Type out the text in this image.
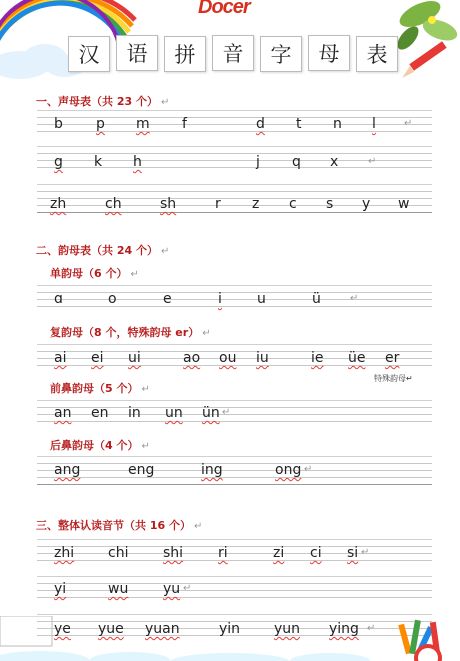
Docer
汉	语	拼	音	字	母	表
一、声母表（共 23 个） ↵
b p m f	d t n l	↵
g k h	j q x	↵
zh	ch	sh	r z c s y w
二、韵母表（共 24 个） ↵
单韵母（6 个） ↵
ɑ	o	e	i	u	ü	↵
复韵母（8 个，特殊韵母 er） ↵
ai ei ui	ao ou iu	ie üe er
特殊韵母↵
前鼻韵母（5 个） ↵
an en in un ün ↵
后鼻韵母（4 个） ↵
ang	eng	ing	ong ↵
三、整体认读音节（共 16 个） ↵
zhi chi shi ri	zi ci si ↵
yi	wu yu ↵
ye yue yuan	yin yun ying ↵
